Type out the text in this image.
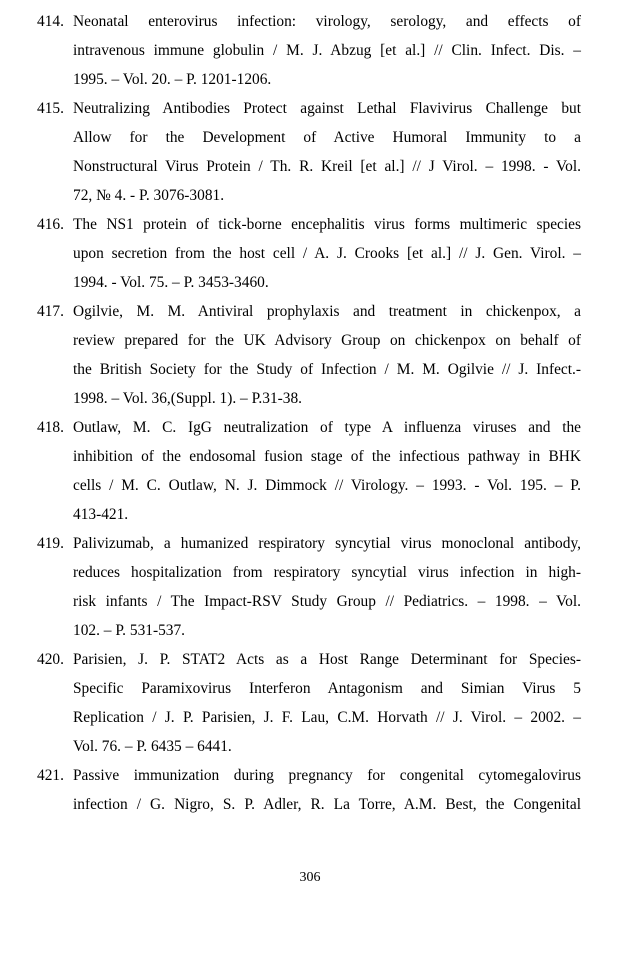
414. Neonatal enterovirus infection: virology, serology, and effects of
intravenous immune globulin / M. J. Abzug [et al.] // Clin. Infect. Dis. –
1995. – Vol. 20. – P. 1201-1206.
415. Neutralizing Antibodies Protect against Lethal Flavivirus Challenge but
Allow for the Development of Active Humoral Immunity to a
Nonstructural Virus Protein / Th. R. Kreil [et al.] // J Virol. – 1998. - Vol.
72, № 4. - P. 3076-3081.
416. The NS1 protein of tick-borne encephalitis virus forms multimeric species
upon secretion from the host cell / A. J. Crooks [et al.] // J. Gen. Virol. –
1994. - Vol. 75. – P. 3453-3460.
417. Ogilvie, M. M. Antiviral prophylaxis and treatment in chickenpox, a
review prepared for the UK Advisory Group on chickenpox on behalf of
the British Society for the Study of Infection / M. M. Ogilvie // J. Infect.-
1998. – Vol. 36,(Suppl. 1). – P.31-38.
418. Outlaw, M. C. IgG neutralization of type A influenza viruses and the
inhibition of the endosomal fusion stage of the infectious pathway in BHK
cells / M. C. Outlaw, N. J. Dimmock // Virology. – 1993. - Vol. 195. – P.
413-421.
419. Palivizumab, a humanized respiratory syncytial virus monoclonal antibody,
reduces hospitalization from respiratory syncytial virus infection in high-
risk infants / The Impact-RSV Study Group // Pediatrics. – 1998. – Vol.
102. – P. 531-537.
420. Parisien, J. P. STAT2 Acts as a Host Range Determinant for Species-
Specific Paramixovirus Interferon Antagonism and Simian Virus 5
Replication / J. P. Parisien, J. F. Lau, C.M. Horvath // J. Virol. – 2002. –
Vol. 76. – P. 6435 – 6441.
421. Passive immunization during pregnancy for congenital cytomegalovirus
infection / G. Nigro, S. P. Adler, R. La Torre, A.M. Best, the Congenital
306
